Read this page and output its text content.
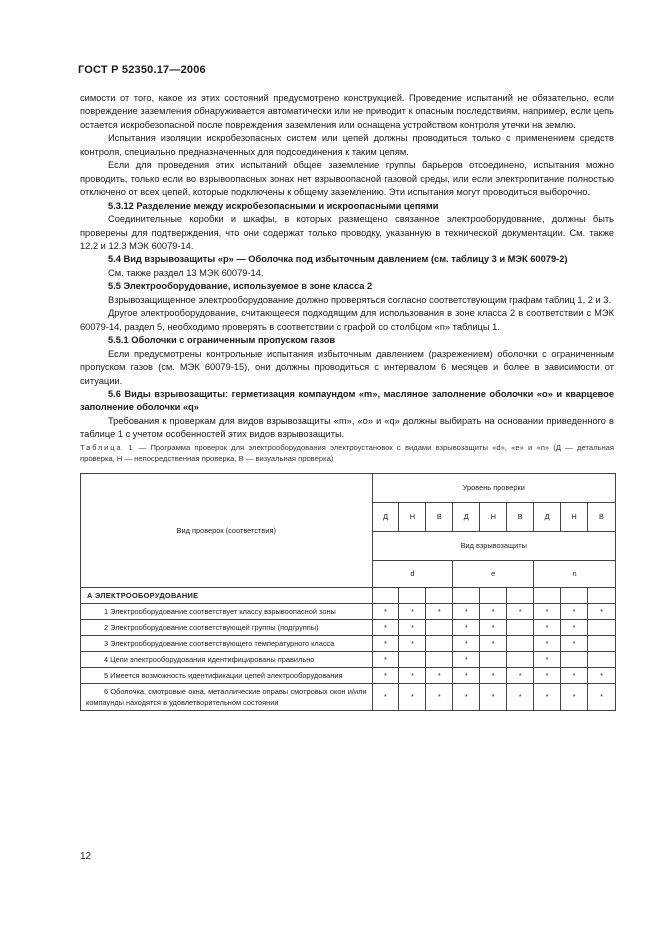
ГОСТ Р 52350.17—2006

симости от того, какое из этих состояний предусмотрено конструкцией. Проведение испытаний не обязательно, если повреждение заземления обнаруживается автоматически или не приводит к опасным последствиям, например, если цепь остается искробезопасной после повреждения заземления или оснащена устройством контроля утечки на землю.

Испытания изоляции искробезопасных систем или цепей должны проводиться только с применением средств контроля, специально предназначенных для подсоединения к таким цепям.

Если для проведения этих испытаний общее заземление группы барьеров отсоединено, испытания можно проводить, только если во взрывоопасных зонах нет взрывоопасной газовой среды, или если электропитание полностью отключено от всех цепей, которые подключены к общему заземлению. Эти испытания могут проводиться выборочно.

5.3.12 Разделение между искробезопасными и искроопасными цепями

Соединительные коробки и шкафы, в которых размещено связанное электрооборудование, должны быть проверены для подтверждения, что они содержат только проводку, указанную в технической документации. См. также 12.2 и 12.3 МЭК 60079-14.

5.4 Вид взрывозащиты «р» — Оболочка под избыточным давлением (см. таблицу 3 и МЭК 60079-2)

См. также раздел 13 МЭК 60079-14.

5.5 Электрооборудование, используемое в зоне класса 2

Взрывозащищенное электрооборудование должно проверяться согласно соответствующим графам таблиц 1, 2 и 3.

Другое электрооборудование, считающееся подходящим для использования в зоне класса 2 в соответствии с МЭК 60079-14, раздел 5, необходимо проверять в соответствии с графой со столбцом «n» таблицы 1.

5.5.1 Оболочки с ограниченным пропуском газов

Если предусмотрены контрольные испытания избыточным давлением (разрежением) оболочки с ограниченным пропуском газов (см. МЭК 60079-15), они должны проводиться с интервалом 6 месяцев и более в зависимости от ситуации.

5.6 Виды взрывозащиты: герметизация компаундом «m», масляное заполнение оболочки «о» и кварцевое заполнение оболочки «q»

Требования к проверкам для видов взрывозащиты «m», «о» и «q» должны выбирать на основании приведенного в таблице 1 с учетом особенностей этих видов взрывозащиты.

Таблица 1 — Программа проверок для электрооборудования электроустановок с видами взрывозащиты «d», «е» и «n» (Д — детальная проверка, Н — непосредственная проверка, В — визуальная проверка)

Вид проверок (соответствия)	Уровень проверки								
	Д	Н	В	Д	Н	В	Д	Н	В
	Вид взрывозащиты								
	d			e			n		
А ЭЛЕКТРООБОРУДОВАНИЕ									

1 Электрооборудование соответствует классу взрывоопасной зоны	*	*	*	*	*	*	*	*	*

2 Электрооборудование соответствующей группы (подгруппы)	*	*		*	*		*	*	

3 Электрооборудование соответствующего температурного класса	*	*		*	*		*	*	

4 Цепи электрооборудования идентифицированы правильно	*			*			*		

5 Имеется возможность идентификации цепей электрооборудования	*	*	*	*	*	*	*	*	*

6 Оболочка, смотровые окна, металлические оправы смотровых окон и/или компаунды находятся в удовлетворительном состоянии	*	*	*	*	*	*	*	*	*
12
